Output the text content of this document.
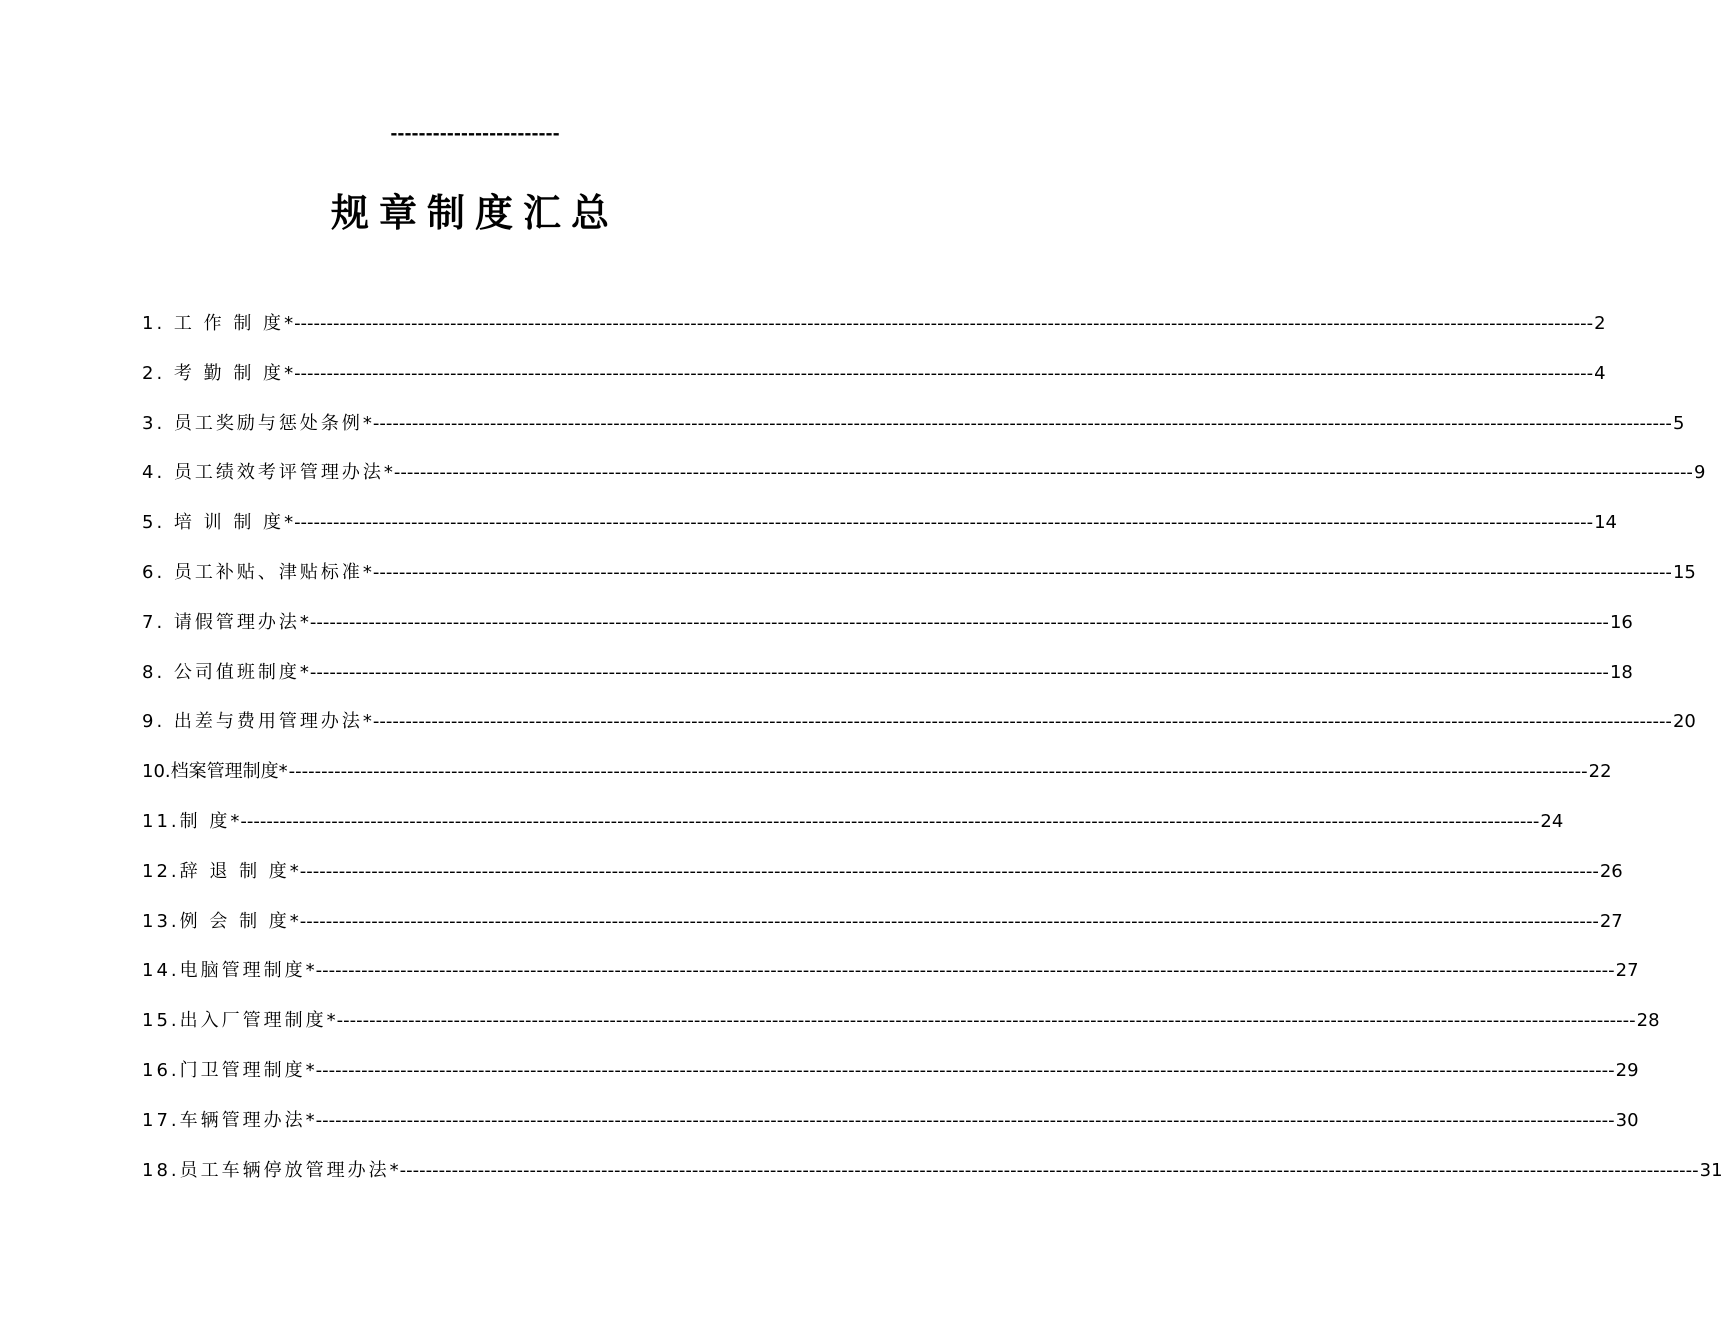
------------------------
规章制度汇总
1. 工 作 制 度 * -------------------------------------------------------------------------------------------------------------------------------------------------------------------------------------------------------- 2
2. 考 勤 制 度 * -------------------------------------------------------------------------------------------------------------------------------------------------------------------------------------------------------- 4
3. 员工奖励与惩处条例 * -------------------------------------------------------------------------------------------------------------------------------------------------------------------------------------------------------- 5
4. 员工绩效考评管理办法 * -------------------------------------------------------------------------------------------------------------------------------------------------------------------------------------------------------- 9
5. 培 训 制 度 * -------------------------------------------------------------------------------------------------------------------------------------------------------------------------------------------------------- 14
6. 员工补贴、津贴标准 * -------------------------------------------------------------------------------------------------------------------------------------------------------------------------------------------------------- 15
7. 请假管理办法 * -------------------------------------------------------------------------------------------------------------------------------------------------------------------------------------------------------- 16
8. 公司值班制度 * -------------------------------------------------------------------------------------------------------------------------------------------------------------------------------------------------------- 18
9. 出差与费用管理办法 * -------------------------------------------------------------------------------------------------------------------------------------------------------------------------------------------------------- 20
10.档案管理制度 * -------------------------------------------------------------------------------------------------------------------------------------------------------------------------------------------------------- 22
11.制 度 * -------------------------------------------------------------------------------------------------------------------------------------------------------------------------------------------------------- 24
12.辞 退 制 度 * -------------------------------------------------------------------------------------------------------------------------------------------------------------------------------------------------------- 26
13.例 会 制 度 * -------------------------------------------------------------------------------------------------------------------------------------------------------------------------------------------------------- 27
14.电脑管理制度 * -------------------------------------------------------------------------------------------------------------------------------------------------------------------------------------------------------- 27
15.出入厂管理制度 * -------------------------------------------------------------------------------------------------------------------------------------------------------------------------------------------------------- 28
16.门卫管理制度 * -------------------------------------------------------------------------------------------------------------------------------------------------------------------------------------------------------- 29
17.车辆管理办法 * -------------------------------------------------------------------------------------------------------------------------------------------------------------------------------------------------------- 30
18.员工车辆停放管理办法 * -------------------------------------------------------------------------------------------------------------------------------------------------------------------------------------------------------- 31
